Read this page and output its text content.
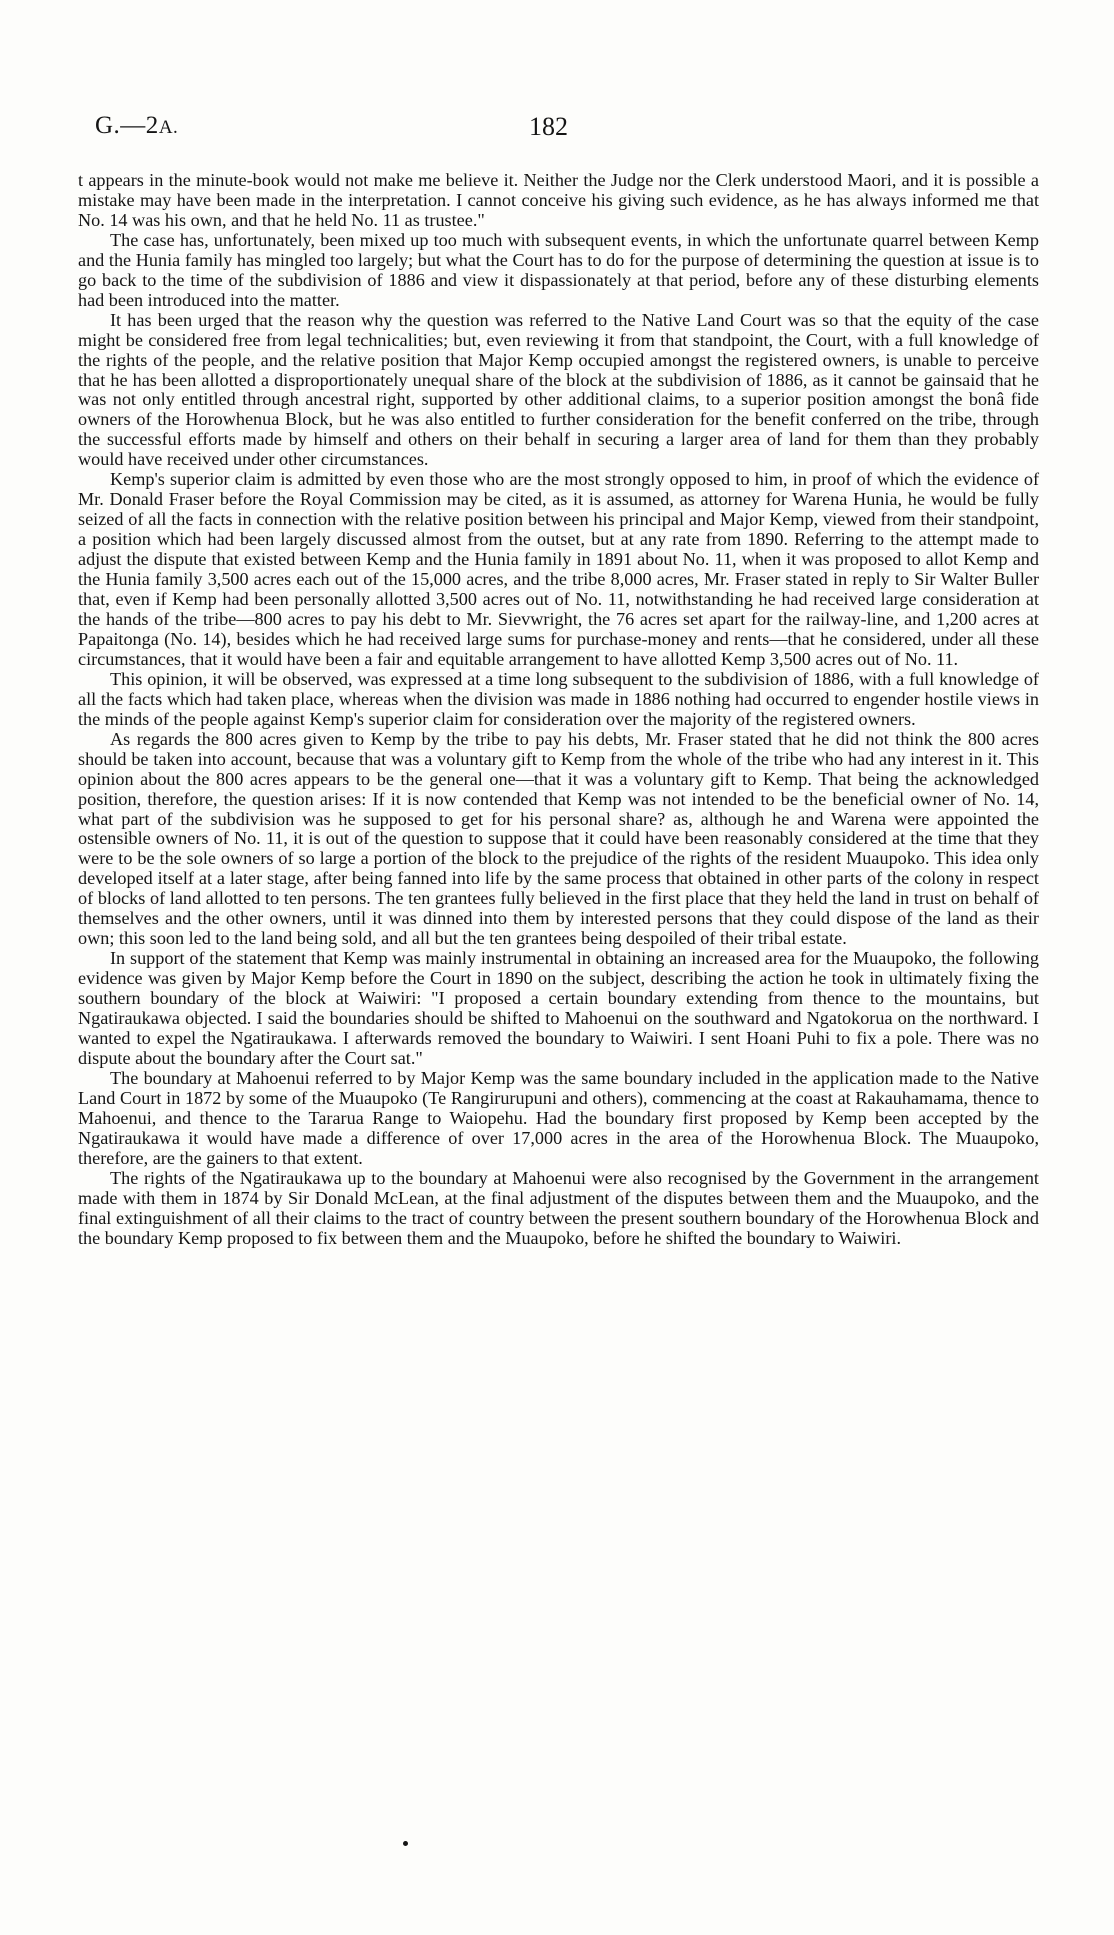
G.—2A.	182

t appears in the minute-book would not make me believe it. Neither the Judge nor the Clerk understood Maori, and it is possible a mistake may have been made in the interpretation. I cannot conceive his giving such evidence, as he has always informed me that No. 14 was his own, and that he held No. 11 as trustee."

The case has, unfortunately, been mixed up too much with subsequent events, in which the unfortunate quarrel between Kemp and the Hunia family has mingled too largely; but what the Court has to do for the purpose of determining the question at issue is to go back to the time of the subdivision of 1886 and view it dispassionately at that period, before any of these disturbing elements had been introduced into the matter.

It has been urged that the reason why the question was referred to the Native Land Court was so that the equity of the case might be considered free from legal technicalities; but, even reviewing it from that standpoint, the Court, with a full knowledge of the rights of the people, and the relative position that Major Kemp occupied amongst the registered owners, is unable to perceive that he has been allotted a disproportionately unequal share of the block at the subdivision of 1886, as it cannot be gainsaid that he was not only entitled through ancestral right, supported by other additional claims, to a superior position amongst the bonâ fide owners of the Horowhenua Block, but he was also entitled to further consideration for the benefit conferred on the tribe, through the successful efforts made by himself and others on their behalf in securing a larger area of land for them than they probably would have received under other circumstances.

Kemp's superior claim is admitted by even those who are the most strongly opposed to him, in proof of which the evidence of Mr. Donald Fraser before the Royal Commission may be cited, as it is assumed, as attorney for Warena Hunia, he would be fully seized of all the facts in connection with the relative position between his principal and Major Kemp, viewed from their standpoint, a position which had been largely discussed almost from the outset, but at any rate from 1890. Referring to the attempt made to adjust the dispute that existed between Kemp and the Hunia family in 1891 about No. 11, when it was proposed to allot Kemp and the Hunia family 3,500 acres each out of the 15,000 acres, and the tribe 8,000 acres, Mr. Fraser stated in reply to Sir Walter Buller that, even if Kemp had been personally allotted 3,500 acres out of No. 11, notwithstanding he had received large consideration at the hands of the tribe—800 acres to pay his debt to Mr. Sievwright, the 76 acres set apart for the railway-line, and 1,200 acres at Papaitonga (No. 14), besides which he had received large sums for purchase-money and rents—that he considered, under all these circumstances, that it would have been a fair and equitable arrangement to have allotted Kemp 3,500 acres out of No. 11.

This opinion, it will be observed, was expressed at a time long subsequent to the subdivision of 1886, with a full knowledge of all the facts which had taken place, whereas when the division was made in 1886 nothing had occurred to engender hostile views in the minds of the people against Kemp's superior claim for consideration over the majority of the registered owners.

As regards the 800 acres given to Kemp by the tribe to pay his debts, Mr. Fraser stated that he did not think the 800 acres should be taken into account, because that was a voluntary gift to Kemp from the whole of the tribe who had any interest in it. This opinion about the 800 acres appears to be the general one—that it was a voluntary gift to Kemp. That being the acknowledged position, therefore, the question arises: If it is now contended that Kemp was not intended to be the beneficial owner of No. 14, what part of the subdivision was he supposed to get for his personal share? as, although he and Warena were appointed the ostensible owners of No. 11, it is out of the question to suppose that it could have been reasonably considered at the time that they were to be the sole owners of so large a portion of the block to the prejudice of the rights of the resident Muaupoko. This idea only developed itself at a later stage, after being fanned into life by the same process that obtained in other parts of the colony in respect of blocks of land allotted to ten persons. The ten grantees fully believed in the first place that they held the land in trust on behalf of themselves and the other owners, until it was dinned into them by interested persons that they could dispose of the land as their own; this soon led to the land being sold, and all but the ten grantees being despoiled of their tribal estate.

In support of the statement that Kemp was mainly instrumental in obtaining an increased area for the Muaupoko, the following evidence was given by Major Kemp before the Court in 1890 on the subject, describing the action he took in ultimately fixing the southern boundary of the block at Waiwiri: "I proposed a certain boundary extending from thence to the mountains, but Ngatiraukawa objected. I said the boundaries should be shifted to Mahoenui on the southward and Ngatokorua on the northward. I wanted to expel the Ngatiraukawa. I afterwards removed the boundary to Waiwiri. I sent Hoani Puhi to fix a pole. There was no dispute about the boundary after the Court sat."

The boundary at Mahoenui referred to by Major Kemp was the same boundary included in the application made to the Native Land Court in 1872 by some of the Muaupoko (Te Rangirurupuni and others), commencing at the coast at Rakauhamama, thence to Mahoenui, and thence to the Tararua Range to Waiopehu. Had the boundary first proposed by Kemp been accepted by the Ngatiraukawa it would have made a difference of over 17,000 acres in the area of the Horowhenua Block. The Muaupoko, therefore, are the gainers to that extent.

The rights of the Ngatiraukawa up to the boundary at Mahoenui were also recognised by the Government in the arrangement made with them in 1874 by Sir Donald McLean, at the final adjustment of the disputes between them and the Muaupoko, and the final extinguishment of all their claims to the tract of country between the present southern boundary of the Horowhenua Block and the boundary Kemp proposed to fix between them and the Muaupoko, before he shifted the boundary to Waiwiri.
